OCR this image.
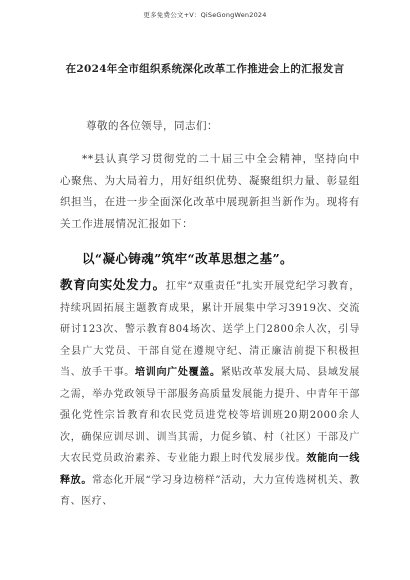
更多免费公文+V：QiSeGongWen2024
在2024年全市组织系统深化改革工作推进会上的汇报发言
尊敬的各位领导，同志们：
**县认真学习贯彻党的二十届三中全会精神，坚持向中心聚焦、为大局着力，用好组织优势、凝聚组织力量、彰显组织担当，在进一步全面深化改革中展现新担当新作为。现将有关工作进展情况汇报如下：
以“凝心铸魂”筑牢“改革思想之基”。
教育向实处发力。扛牢“双重责任”扎实开展党纪学习教育，持续巩固拓展主题教育成果，累计开展集中学习3919次、交流研讨123次、警示教育804场次、送学上门2800余人次，引导全县广大党员、干部自觉在遵规守纪、清正廉洁前提下积极担当、放手干事。培训向广处覆盖。紧贴改革发展大局、县域发展之需，举办党政领导干部服务高质量发展能力提升、中青年干部强化党性宗旨教育和农民党员进党校等培训班20期2000余人次，确保应训尽训、训当其需，力促乡镇、村（社区）干部及广大农民党员政治素养、专业能力跟上时代发展步伐。效能向一线释放。常态化开展“学习身边榜样”活动，大力宣传选树机关、教育、医疗、
